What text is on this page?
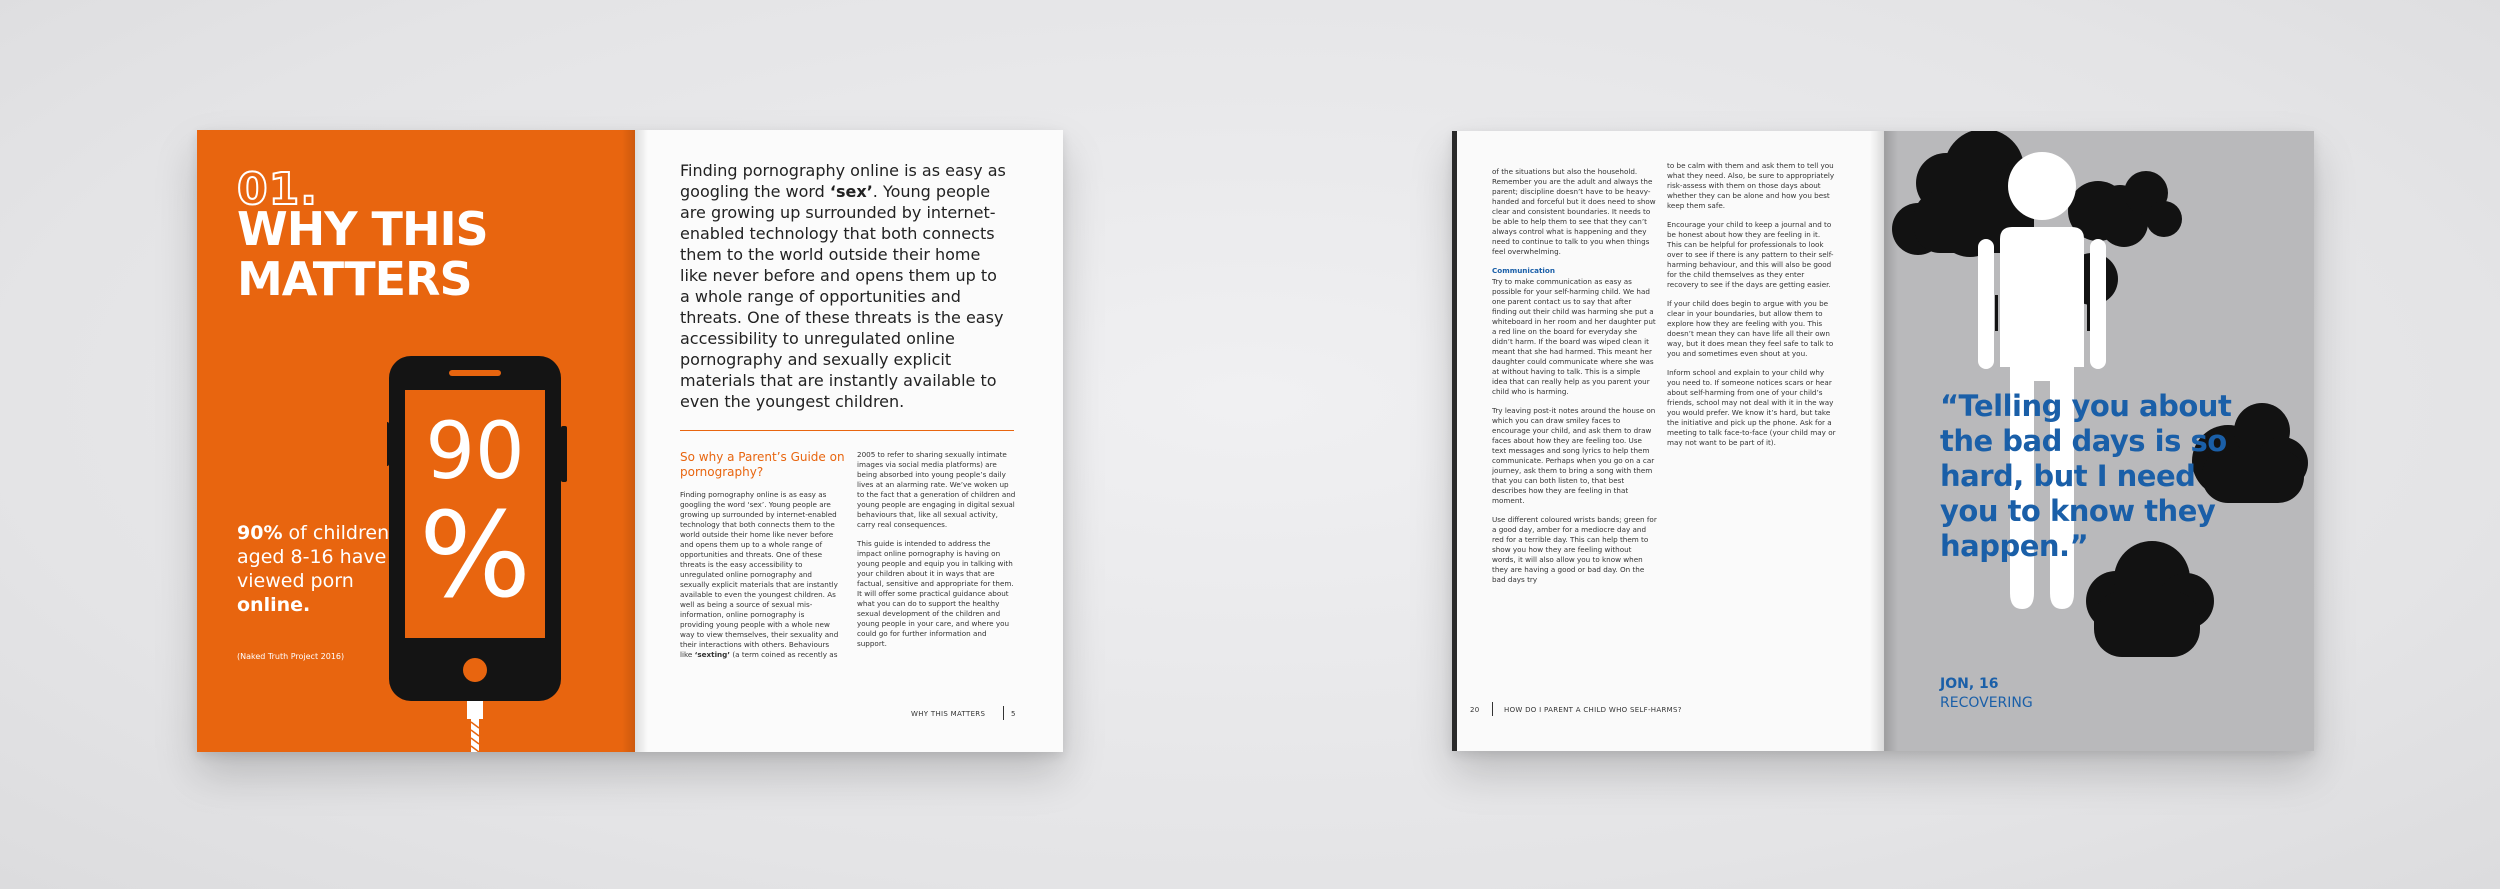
01.
WHY THIS
MATTERS
90% of children aged 8-16 have viewed porn online.
(Naked Truth Project 2016)
90
%
Finding pornography online is as easy as googling the word ‘sex’. Young people are growing up surrounded by internet- enabled technology that both connects them to the world outside their home like never before and opens them up to a whole range of opportunities and threats. One of these threats is the easy accessibility to unregulated online pornography and sexually explicit materials that are instantly available to even the youngest children.
So why a Parent’s Guide on pornography?
Finding pornography online is as easy as googling the word ‘sex’. Young people are growing up surrounded by internet-enabled technology that both connects them to the world outside their home like never before and opens them up to a whole range of opportunities and threats. One of these threats is the easy accessibility to unregulated online pornography and sexually explicit materials that are instantly available to even the youngest children. As well as being a source of sexual mis-information, online pornography is providing young people with a whole new way to view themselves, their sexuality and their interactions with others. Behaviours like ‘sexting’ (a term coined as recently as

2005 to refer to sharing sexually intimate images via social media platforms) are being absorbed into young people’s daily lives at an alarming rate. We’ve woken up to the fact that a generation of children and young people are engaging in digital sexual behaviours that, like all sexual activity, carry real consequences.

This guide is intended to address the impact online pornography is having on young people and equip you in talking with your children about it in ways that are factual, sensitive and appropriate for them. It will offer some practical guidance about what you can do to support the healthy sexual development of the children and young people in your care, and where you could go for further information and support.

WHY THIS MATTERS	5

of the situations but also the household. Remember you are the adult and always the parent; discipline doesn’t have to be heavy-handed and forceful but it does need to show clear and consistent boundaries. It needs to be able to help them to see that they can’t always control what is happening and they need to continue to talk to you when things feel overwhelming.

Communication

Try to make communication as easy as possible for your self-harming child. We had one parent contact us to say that after finding out their child was harming she put a whiteboard in her room and her daughter put a red line on the board for everyday she didn’t harm. If the board was wiped clean it meant that she had harmed. This meant her daughter could communicate where she was at without having to talk. This is a simple idea that can really help as you parent your child who is harming.

Try leaving post-it notes around the house on which you can draw smiley faces to encourage your child, and ask them to draw faces about how they are feeling too. Use text messages and song lyrics to help them communicate. Perhaps when you go on a car journey, ask them to bring a song with them that you can both listen to, that best describes how they are feeling in that moment.

Use different coloured wrists bands; green for a good day, amber for a mediocre day and red for a terrible day. This can help them to show you how they are feeling without words, it will also allow you to know when they are having a good or bad day. On the bad days try

to be calm with them and ask them to tell you what they need. Also, be sure to appropriately risk-assess with them on those days about whether they can be alone and how you best keep them safe.

Encourage your child to keep a journal and to be honest about how they are feeling in it. This can be helpful for professionals to look over to see if there is any pattern to their self-harming behaviour, and this will also be good for the child themselves as they enter recovery to see if the days are getting easier.

If your child does begin to argue with you be clear in your boundaries, but allow them to explore how they are feeling with you. This doesn’t mean they can have life all their own way, but it does mean they feel safe to talk to you and sometimes even shout at you.

Inform school and explain to your child why you need to. If someone notices scars or hear about self-harming from one of your child’s friends, school may not deal with it in the way you would prefer. We know it’s hard, but take the initiative and pick up the phone. Ask for a meeting to talk face-to-face (your child may or may not want to be part of it).

20	HOW DO I PARENT A CHILD WHO SELF-HARMS?
“Telling you about the bad days is so hard, but I need you to know they happen.”
JON, 16
RECOVERING
